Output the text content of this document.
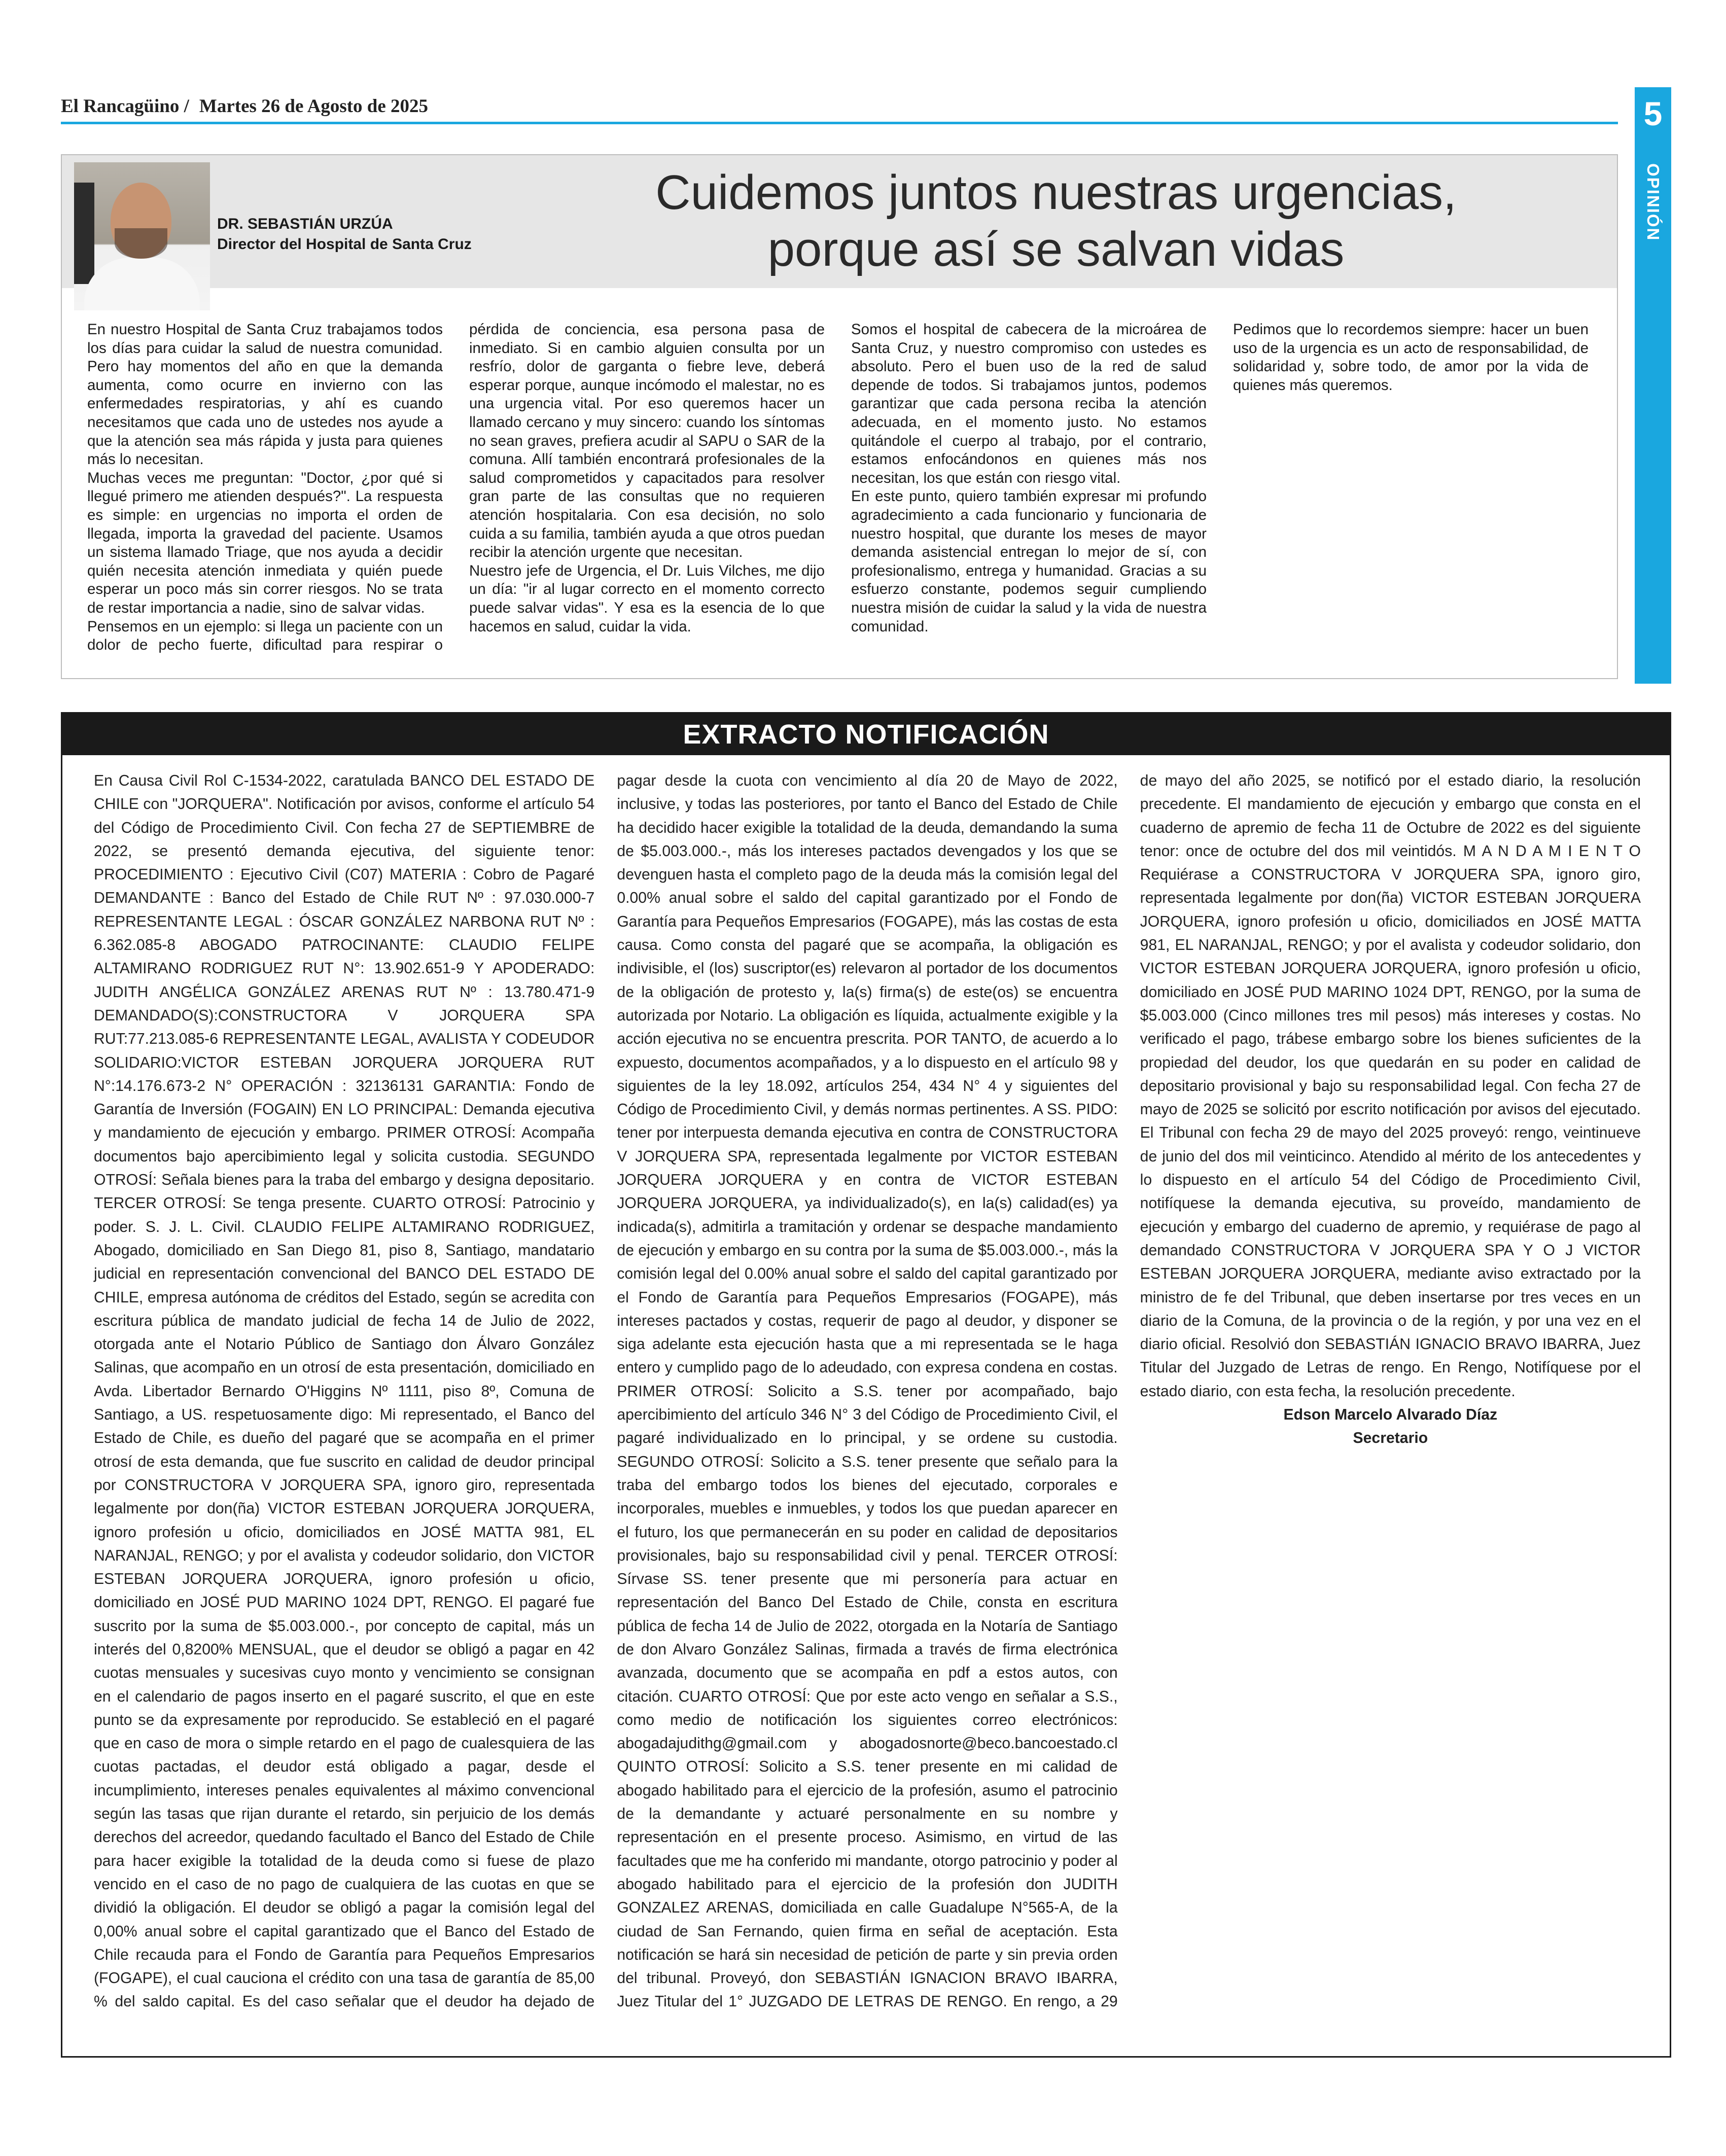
El Rancagüino / Martes 26 de Agosto de 2025	5
OPINIÓN
DR. SEBASTIÁN URZÚA
Director del Hospital de Santa Cruz
Cuidemos juntos nuestras urgencias,
porque así se salvan vidas

En nuestro Hospital de Santa Cruz trabajamos todos los días para cuidar la salud de nuestra comunidad. Pero hay momentos del año en que la demanda aumenta, como ocurre en invierno con las enfermedades respiratorias, y ahí es cuando necesitamos que cada uno de ustedes nos ayude a que la atención sea más rápida y justa para quienes más lo necesitan.

Muchas veces me preguntan: "Doctor, ¿por qué si llegué primero me atienden después?". La respuesta es simple: en urgencias no importa el orden de llegada, importa la gravedad del paciente. Usamos un sistema llamado Triage, que nos ayuda a decidir quién necesita atención inmediata y quién puede esperar un poco más sin correr riesgos. No se trata de restar importancia a nadie, sino de salvar vidas.

Pensemos en un ejemplo: si llega un paciente con un dolor de pecho fuerte, dificultad para respirar o pérdida de conciencia, esa persona pasa de inmediato. Si en cambio alguien consulta por un resfrío, dolor de garganta o fiebre leve, deberá esperar porque, aunque incómodo el malestar, no es una urgencia vital. Por eso queremos hacer un llamado cercano y muy sincero: cuando los síntomas no sean graves, prefiera acudir al SAPU o SAR de la comuna. Allí también encontrará profesionales de la salud comprometidos y capacitados para resolver gran parte de las consultas que no requieren atención hospitalaria. Con esa decisión, no solo cuida a su familia, también ayuda a que otros puedan recibir la atención urgente que necesitan.

Nuestro jefe de Urgencia, el Dr. Luis Vilches, me dijo un día: "ir al lugar correcto en el momento correcto puede salvar vidas". Y esa es la esencia de lo que hacemos en salud, cuidar la vida.

Somos el hospital de cabecera de la microárea de Santa Cruz, y nuestro compromiso con ustedes es absoluto. Pero el buen uso de la red de salud depende de todos. Si trabajamos juntos, podemos garantizar que cada persona reciba la atención adecuada, en el momento justo. No estamos quitándole el cuerpo al trabajo, por el contrario, estamos enfocándonos en quienes más nos necesitan, los que están con riesgo vital.

En este punto, quiero también expresar mi profundo agradecimiento a cada funcionario y funcionaria de nuestro hospital, que durante los meses de mayor demanda asistencial entregan lo mejor de sí, con profesionalismo, entrega y humanidad. Gracias a su esfuerzo constante, podemos seguir cumpliendo nuestra misión de cuidar la salud y la vida de nuestra comunidad.

Pedimos que lo recordemos siempre: hacer un buen uso de la urgencia es un acto de responsabilidad, de solidaridad y, sobre todo, de amor por la vida de quienes más queremos.

EXTRACTO NOTIFICACIÓN

En Causa Civil Rol C-1534-2022, caratulada BANCO DEL ESTADO DE CHILE con "JORQUERA". Notificación por avisos, conforme el artículo 54 del Código de Procedimiento Civil. Con fecha 27 de SEPTIEMBRE de 2022, se presentó demanda ejecutiva, del siguiente tenor: PROCEDIMIENTO : Ejecutivo Civil (C07) MATERIA : Cobro de Pagaré DEMANDANTE : Banco del Estado de Chile RUT Nº : 97.030.000-7 REPRESENTANTE LEGAL : ÓSCAR GONZÁLEZ NARBONA RUT Nº : 6.362.085-8 ABOGADO PATROCINANTE: CLAUDIO FELIPE ALTAMIRANO RODRIGUEZ RUT N°: 13.902.651-9 Y APODERADO: JUDITH ANGÉLICA GONZÁLEZ ARENAS RUT Nº : 13.780.471-9 DEMANDADO(S):CONSTRUCTORA V JORQUERA SPA RUT:77.213.085-6 REPRESENTANTE LEGAL, AVALISTA Y CODEUDOR SOLIDARIO:VICTOR ESTEBAN JORQUERA JORQUERA RUT N°:14.176.673-2 N° OPERACIÓN : 32136131 GARANTIA: Fondo de Garantía de Inversión (FOGAIN) EN LO PRINCIPAL: Demanda ejecutiva y mandamiento de ejecución y embargo. PRIMER OTROSÍ: Acompaña documentos bajo apercibimiento legal y solicita custodia. SEGUNDO OTROSÍ: Señala bienes para la traba del embargo y designa depositario. TERCER OTROSÍ: Se tenga presente. CUARTO OTROSÍ: Patrocinio y poder. S. J. L. Civil. CLAUDIO FELIPE ALTAMIRANO RODRIGUEZ, Abogado, domiciliado en San Diego 81, piso 8, Santiago, mandatario judicial en representación convencional del BANCO DEL ESTADO DE CHILE, empresa autónoma de créditos del Estado, según se acredita con escritura pública de mandato judicial de fecha 14 de Julio de 2022, otorgada ante el Notario Público de Santiago don Álvaro González Salinas, que acompaño en un otrosí de esta presentación, domiciliado en Avda. Libertador Bernardo O'Higgins Nº 1111, piso 8º, Comuna de Santiago, a US. respetuosamente digo: Mi representado, el Banco del Estado de Chile, es dueño del pagaré que se acompaña en el primer otrosí de esta demanda, que fue suscrito en calidad de deudor principal por CONSTRUCTORA V JORQUERA SPA, ignoro giro, representada legalmente por don(ña) VICTOR ESTEBAN JORQUERA JORQUERA, ignoro profesión u oficio, domiciliados en JOSÉ MATTA 981, EL NARANJAL, RENGO; y por el avalista y codeudor solidario, don VICTOR ESTEBAN JORQUERA JORQUERA, ignoro profesión u oficio, domiciliado en JOSÉ PUD MARINO 1024 DPT, RENGO. El pagaré fue suscrito por la suma de $5.003.000.-, por concepto de capital, más un interés del 0,8200% MENSUAL, que el deudor se obligó a pagar en 42 cuotas mensuales y sucesivas cuyo monto y vencimiento se consignan en el calendario de pagos inserto en el pagaré suscrito, el que en este punto se da expresamente por reproducido. Se estableció en el pagaré que en caso de mora o simple retardo en el pago de cualesquiera de las cuotas pactadas, el deudor está obligado a pagar, desde el incumplimiento, intereses penales equivalentes al máximo convencional según las tasas que rijan durante el retardo, sin perjuicio de los demás derechos del acreedor, quedando facultado el Banco del Estado de Chile para hacer exigible la totalidad de la deuda como si fuese de plazo vencido en el caso de no pago de cualquiera de las cuotas en que se dividió la obligación. El deudor se obligó a pagar la comisión legal del 0,00% anual sobre el capital garantizado que el Banco del Estado de Chile recauda para el Fondo de Garantía para Pequeños Empresarios (FOGAPE), el cual cauciona el crédito con una tasa de garantía de 85,00 % del saldo capital. Es del caso señalar que el deudor ha dejado de pagar desde la cuota con vencimiento al día 20 de Mayo de 2022, inclusive, y todas las posteriores, por tanto el Banco del Estado de Chile ha decidido hacer exigible la totalidad de la deuda, demandando la suma de $5.003.000.-, más los intereses pactados devengados y los que se devenguen hasta el completo pago de la deuda más la comisión legal del 0.00% anual sobre el saldo del capital garantizado por el Fondo de Garantía para Pequeños Empresarios (FOGAPE), más las costas de esta causa. Como consta del pagaré que se acompaña, la obligación es indivisible, el (los) suscriptor(es) relevaron al portador de los documentos de la obligación de protesto y, la(s) firma(s) de este(os) se encuentra autorizada por Notario. La obligación es líquida, actualmente exigible y la acción ejecutiva no se encuentra prescrita. POR TANTO, de acuerdo a lo expuesto, documentos acompañados, y a lo dispuesto en el artículo 98 y siguientes de la ley 18.092, artículos 254, 434 N° 4 y siguientes del Código de Procedimiento Civil, y demás normas pertinentes. A SS. PIDO: tener por interpuesta demanda ejecutiva en contra de CONSTRUCTORA V JORQUERA SPA, representada legalmente por VICTOR ESTEBAN JORQUERA JORQUERA y en contra de VICTOR ESTEBAN JORQUERA JORQUERA, ya individualizado(s), en la(s) calidad(es) ya indicada(s), admitirla a tramitación y ordenar se despache mandamiento de ejecución y embargo en su contra por la suma de $5.003.000.-, más la comisión legal del 0.00% anual sobre el saldo del capital garantizado por el Fondo de Garantía para Pequeños Empresarios (FOGAPE), más intereses pactados y costas, requerir de pago al deudor, y disponer se siga adelante esta ejecución hasta que a mi representada se le haga entero y cumplido pago de lo adeudado, con expresa condena en costas. PRIMER OTROSÍ: Solicito a S.S. tener por acompañado, bajo apercibimiento del artículo 346 N° 3 del Código de Procedimiento Civil, el pagaré individualizado en lo principal, y se ordene su custodia. SEGUNDO OTROSÍ: Solicito a S.S. tener presente que señalo para la traba del embargo todos los bienes del ejecutado, corporales e incorporales, muebles e inmuebles, y todos los que puedan aparecer en el futuro, los que permanecerán en su poder en calidad de depositarios provisionales, bajo su responsabilidad civil y penal. TERCER OTROSÍ: Sírvase SS. tener presente que mi personería para actuar en representación del Banco Del Estado de Chile, consta en escritura pública de fecha 14 de Julio de 2022, otorgada en la Notaría de Santiago de don Alvaro González Salinas, firmada a través de firma electrónica avanzada, documento que se acompaña en pdf a estos autos, con citación. CUARTO OTROSÍ: Que por este acto vengo en señalar a S.S., como medio de notificación los siguientes correo electrónicos: abogadajudithg@gmail.com y abogadosnorte@beco.bancoestado.cl QUINTO OTROSÍ: Solicito a S.S. tener presente en mi calidad de abogado habilitado para el ejercicio de la profesión, asumo el patrocinio de la demandante y actuaré personalmente en su nombre y representación en el presente proceso. Asimismo, en virtud de las facultades que me ha conferido mi mandante, otorgo patrocinio y poder al abogado habilitado para el ejercicio de la profesión don JUDITH GONZALEZ ARENAS, domiciliada en calle Guadalupe N°565-A, de la ciudad de San Fernando, quien firma en señal de aceptación. Esta notificación se hará sin necesidad de petición de parte y sin previa orden del tribunal. Proveyó, don SEBASTIÁN IGNACION BRAVO IBARRA, Juez Titular del 1° JUZGADO DE LETRAS DE RENGO. En rengo, a 29 de mayo del año 2025, se notificó por el estado diario, la resolución precedente. El mandamiento de ejecución y embargo que consta en el cuaderno de apremio de fecha 11 de Octubre de 2022 es del siguiente tenor: once de octubre del dos mil veintidós. M A N D A M I E N T O Requiérase a CONSTRUCTORA V JORQUERA SPA, ignoro giro, representada legalmente por don(ña) VICTOR ESTEBAN JORQUERA JORQUERA, ignoro profesión u oficio, domiciliados en JOSÉ MATTA 981, EL NARANJAL, RENGO; y por el avalista y codeudor solidario, don VICTOR ESTEBAN JORQUERA JORQUERA, ignoro profesión u oficio, domiciliado en JOSÉ PUD MARINO 1024 DPT, RENGO, por la suma de $5.003.000 (Cinco millones tres mil pesos) más intereses y costas. No verificado el pago, trábese embargo sobre los bienes suficientes de la propiedad del deudor, los que quedarán en su poder en calidad de depositario provisional y bajo su responsabilidad legal. Con fecha 27 de mayo de 2025 se solicitó por escrito notificación por avisos del ejecutado. El Tribunal con fecha 29 de mayo del 2025 proveyó: rengo, veintinueve de junio del dos mil veinticinco. Atendido al mérito de los antecedentes y lo dispuesto en el artículo 54 del Código de Procedimiento Civil, notifíquese la demanda ejecutiva, su proveído, mandamiento de ejecución y embargo del cuaderno de apremio, y requiérase de pago al demandado CONSTRUCTORA V JORQUERA SPA Y O J VICTOR ESTEBAN JORQUERA JORQUERA, mediante aviso extractado por la ministro de fe del Tribunal, que deben insertarse por tres veces en un diario de la Comuna, de la provincia o de la región, y por una vez en el diario oficial. Resolvió don SEBASTIÁN IGNACIO BRAVO IBARRA, Juez Titular del Juzgado de Letras de rengo. En Rengo, Notifíquese por el estado diario, con esta fecha, la resolución precedente.

Edson Marcelo Alvarado Díaz

Secretario
